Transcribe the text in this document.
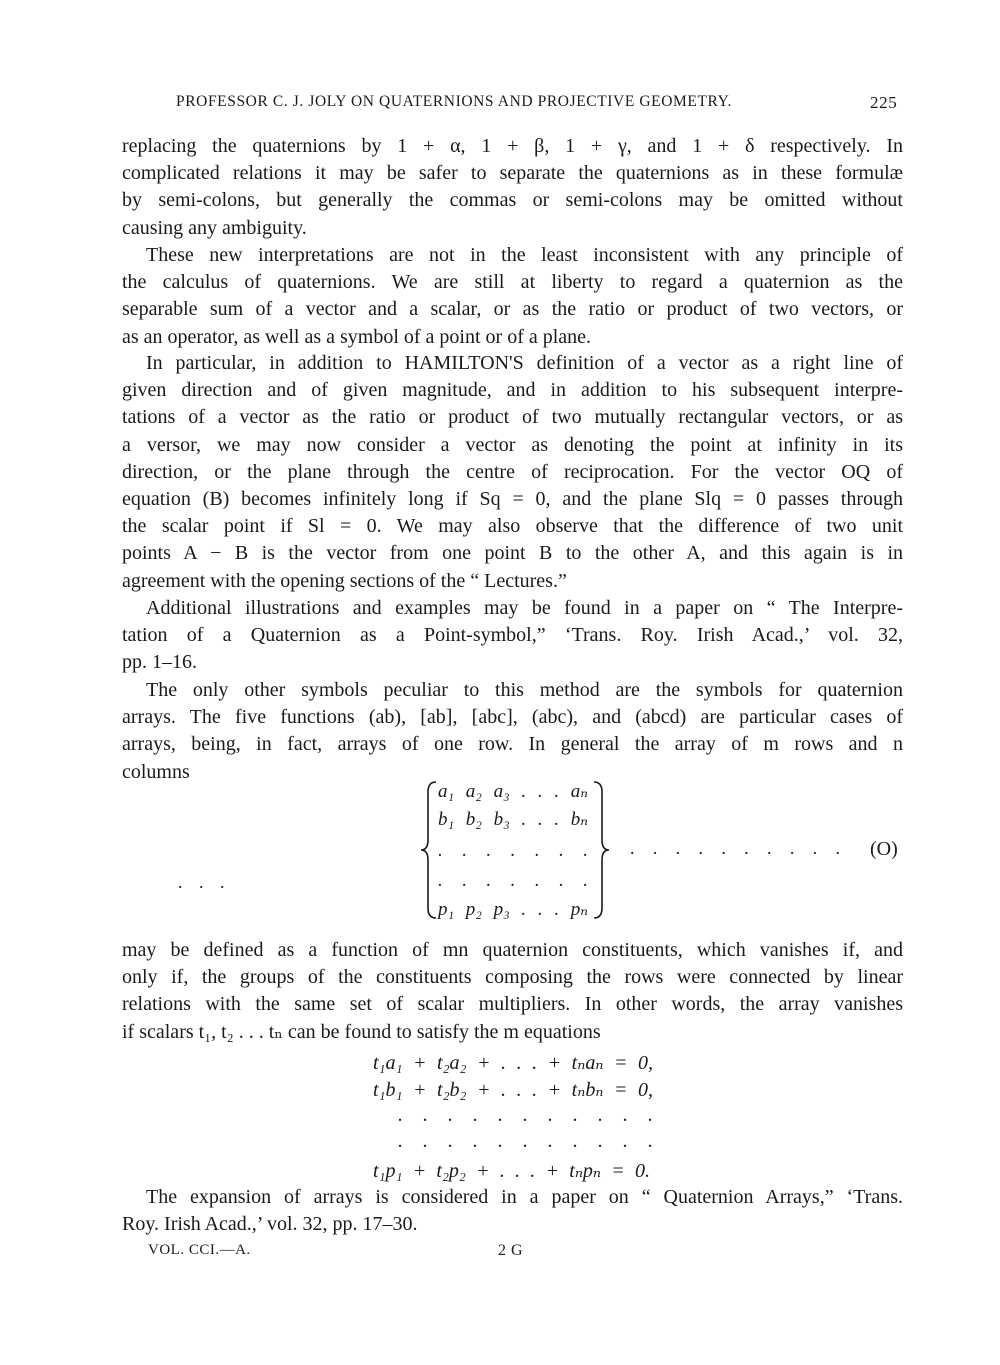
PROFESSOR C. J. JOLY ON QUATERNIONS AND PROJECTIVE GEOMETRY.	225
replacing the quaternions by 1 + α, 1 + β, 1 + γ, and 1 + δ respectively. In
complicated relations it may be safer to separate the quaternions as in these formulæ
by semi-colons, but generally the commas or semi-colons may be omitted without
causing any ambiguity.
These new interpretations are not in the least inconsistent with any principle of
the calculus of quaternions. We are still at liberty to regard a quaternion as the
separable sum of a vector and a scalar, or as the ratio or product of two vectors, or
as an operator, as well as a symbol of a point or of a plane.
In particular, in addition to HAMILTON'S definition of a vector as a right line of
given direction and of given magnitude, and in addition to his subsequent interpre-
tations of a vector as the ratio or product of two mutually rectangular vectors, or as
a versor, we may now consider a vector as denoting the point at infinity in its
direction, or the plane through the centre of reciprocation. For the vector OQ of
equation (B) becomes infinitely long if Sq = 0, and the plane Slq = 0 passes through
the scalar point if Sl = 0. We may also observe that the difference of two unit
points A − B is the vector from one point B to the other A, and this again is in
agreement with the opening sections of the “ Lectures.”
Additional illustrations and examples may be found in a paper on “ The Interpre-
tation of a Quaternion as a Point-symbol,” ‘Trans. Roy. Irish Acad.,’ vol. 32,
pp. 1–16.
The only other symbols peculiar to this method are the symbols for quaternion
arrays. The five functions (ab), [ab], [abc], (abc), and (abcd) are particular cases of
arrays, being, in fact, arrays of one row. In general the array of m rows and n
columns
may be defined as a function of mn quaternion constituents, which vanishes if, and
only if, the groups of the constituents composing the rows were connected by linear
relations with the same set of scalar multipliers. In other words, the array vanishes
if scalars t₁, t₂ . . . tₙ can be found to satisfy the m equations
The expansion of arrays is considered in a paper on “ Quaternion Arrays,” ‘Trans.
Roy. Irish Acad.,’ vol. 32, pp. 17–30.
a₁ a₂ a₃ . . . aₙ
b₁ b₂ b₃ . . . bₙ
. . . . . . .
. . . . . . .
p₁ p₂ p₃ . . . pₙ
. . .
. . . . . . . . . . (O)
t₁a₁ + t₂a₂ + . . . + tₙaₙ = 0,
t₁b₁ + t₂b₂ + . . . + tₙbₙ = 0,
. . . . . . . . . . .
. . . . . . . . . . .
t₁p₁ + t₂p₂ + . . . + tₙpₙ = 0.
VOL. CCI.—A.	2 G
